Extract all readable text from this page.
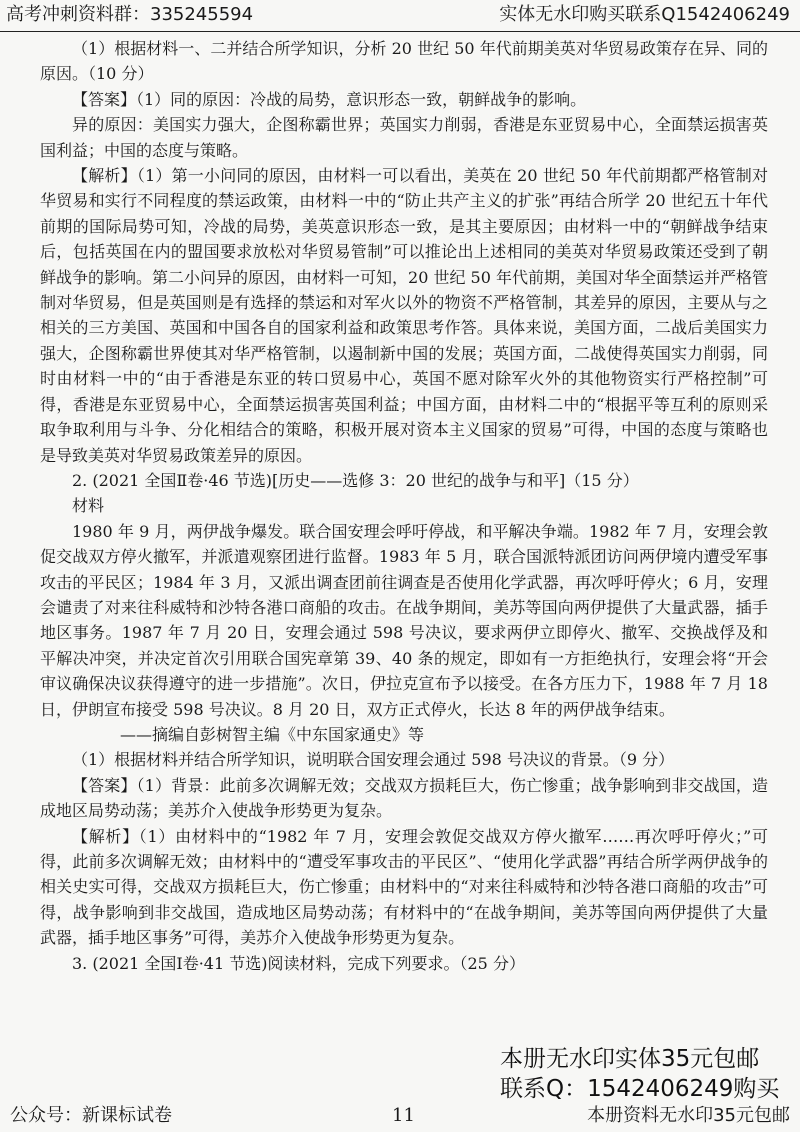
高考冲刺资料群：335245594	实体无水印购买联系Q1542406249

（1）根据材料一、二并结合所学知识，分析 20 世纪 50 年代前期美英对华贸易政策存在异、同的原因。（10 分）

【答案】（1）同的原因：冷战的局势，意识形态一致，朝鲜战争的影响。

异的原因：美国实力强大，企图称霸世界；英国实力削弱，香港是东亚贸易中心，全面禁运损害英国利益；中国的态度与策略。

【解析】（1）第一小问同的原因，由材料一可以看出，美英在 20 世纪 50 年代前期都严格管制对华贸易和实行不同程度的禁运政策，由材料一中的“防止共产主义的扩张”再结合所学 20 世纪五十年代前期的国际局势可知，冷战的局势，美英意识形态一致，是其主要原因；由材料一中的“朝鲜战争结束后，包括英国在内的盟国要求放松对华贸易管制”可以推论出上述相同的美英对华贸易政策还受到了朝鲜战争的影响。第二小问异的原因，由材料一可知，20 世纪 50 年代前期，美国对华全面禁运并严格管制对华贸易，但是英国则是有选择的禁运和对军火以外的物资不严格管制，其差异的原因，主要从与之相关的三方美国、英国和中国各自的国家利益和政策思考作答。具体来说，美国方面，二战后美国实力强大，企图称霸世界使其对华严格管制，以遏制新中国的发展；英国方面，二战使得英国实力削弱，同时由材料一中的“由于香港是东亚的转口贸易中心，英国不愿对除军火外的其他物资实行严格控制”可得，香港是东亚贸易中心，全面禁运损害英国利益；中国方面，由材料二中的“根据平等互利的原则采取争取利用与斗争、分化相结合的策略，积极开展对资本主义国家的贸易”可得，中国的态度与策略也是导致美英对华贸易政策差异的原因。

2. (2021 全国Ⅱ卷·46 节选)[历史——选修 3：20 世纪的战争与和平]（15 分）

材料

1980 年 9 月，两伊战争爆发。联合国安理会呼吁停战，和平解决争端。1982 年 7 月，安理会敦促交战双方停火撤军，并派遣观察团进行监督。1983 年 5 月，联合国派特派团访问两伊境内遭受军事攻击的平民区；1984 年 3 月，又派出调查团前往调查是否使用化学武器，再次呼吁停火；6 月，安理会谴责了对来往科威特和沙特各港口商船的攻击。在战争期间，美苏等国向两伊提供了大量武器，插手地区事务。1987 年 7 月 20 日，安理会通过 598 号决议，要求两伊立即停火、撤军、交换战俘及和平解决冲突，并决定首次引用联合国宪章第 39、40 条的规定，即如有一方拒绝执行，安理会将“开会审议确保决议获得遵守的进一步措施”。次日，伊拉克宣布予以接受。在各方压力下，1988 年 7 月 18 日，伊朗宣布接受 598 号决议。8 月 20 日，双方正式停火，长达 8 年的两伊战争结束。

——摘编自彭树智主编《中东国家通史》等

（1）根据材料并结合所学知识，说明联合国安理会通过 598 号决议的背景。（9 分）

【答案】（1）背景：此前多次调解无效；交战双方损耗巨大，伤亡惨重；战争影响到非交战国，造成地区局势动荡；美苏介入使战争形势更为复杂。

【解析】（1）由材料中的“1982 年 7 月，安理会敦促交战双方停火撤军……再次呼吁停火；”可得，此前多次调解无效；由材料中的“遭受军事攻击的平民区”、“使用化学武器”再结合所学两伊战争的相关史实可得，交战双方损耗巨大，伤亡惨重；由材料中的“对来往科威特和沙特各港口商船的攻击”可得，战争影响到非交战国，造成地区局势动荡；有材料中的“在战争期间，美苏等国向两伊提供了大量武器，插手地区事务”可得，美苏介入使战争形势更为复杂。

3. (2021 全国Ⅰ卷·41 节选)阅读材料，完成下列要求。（25 分）

本册无水印实体35元包邮
联系Q：1542406249购买
公众号：新课标试卷	11	本册资料无水印35元包邮
